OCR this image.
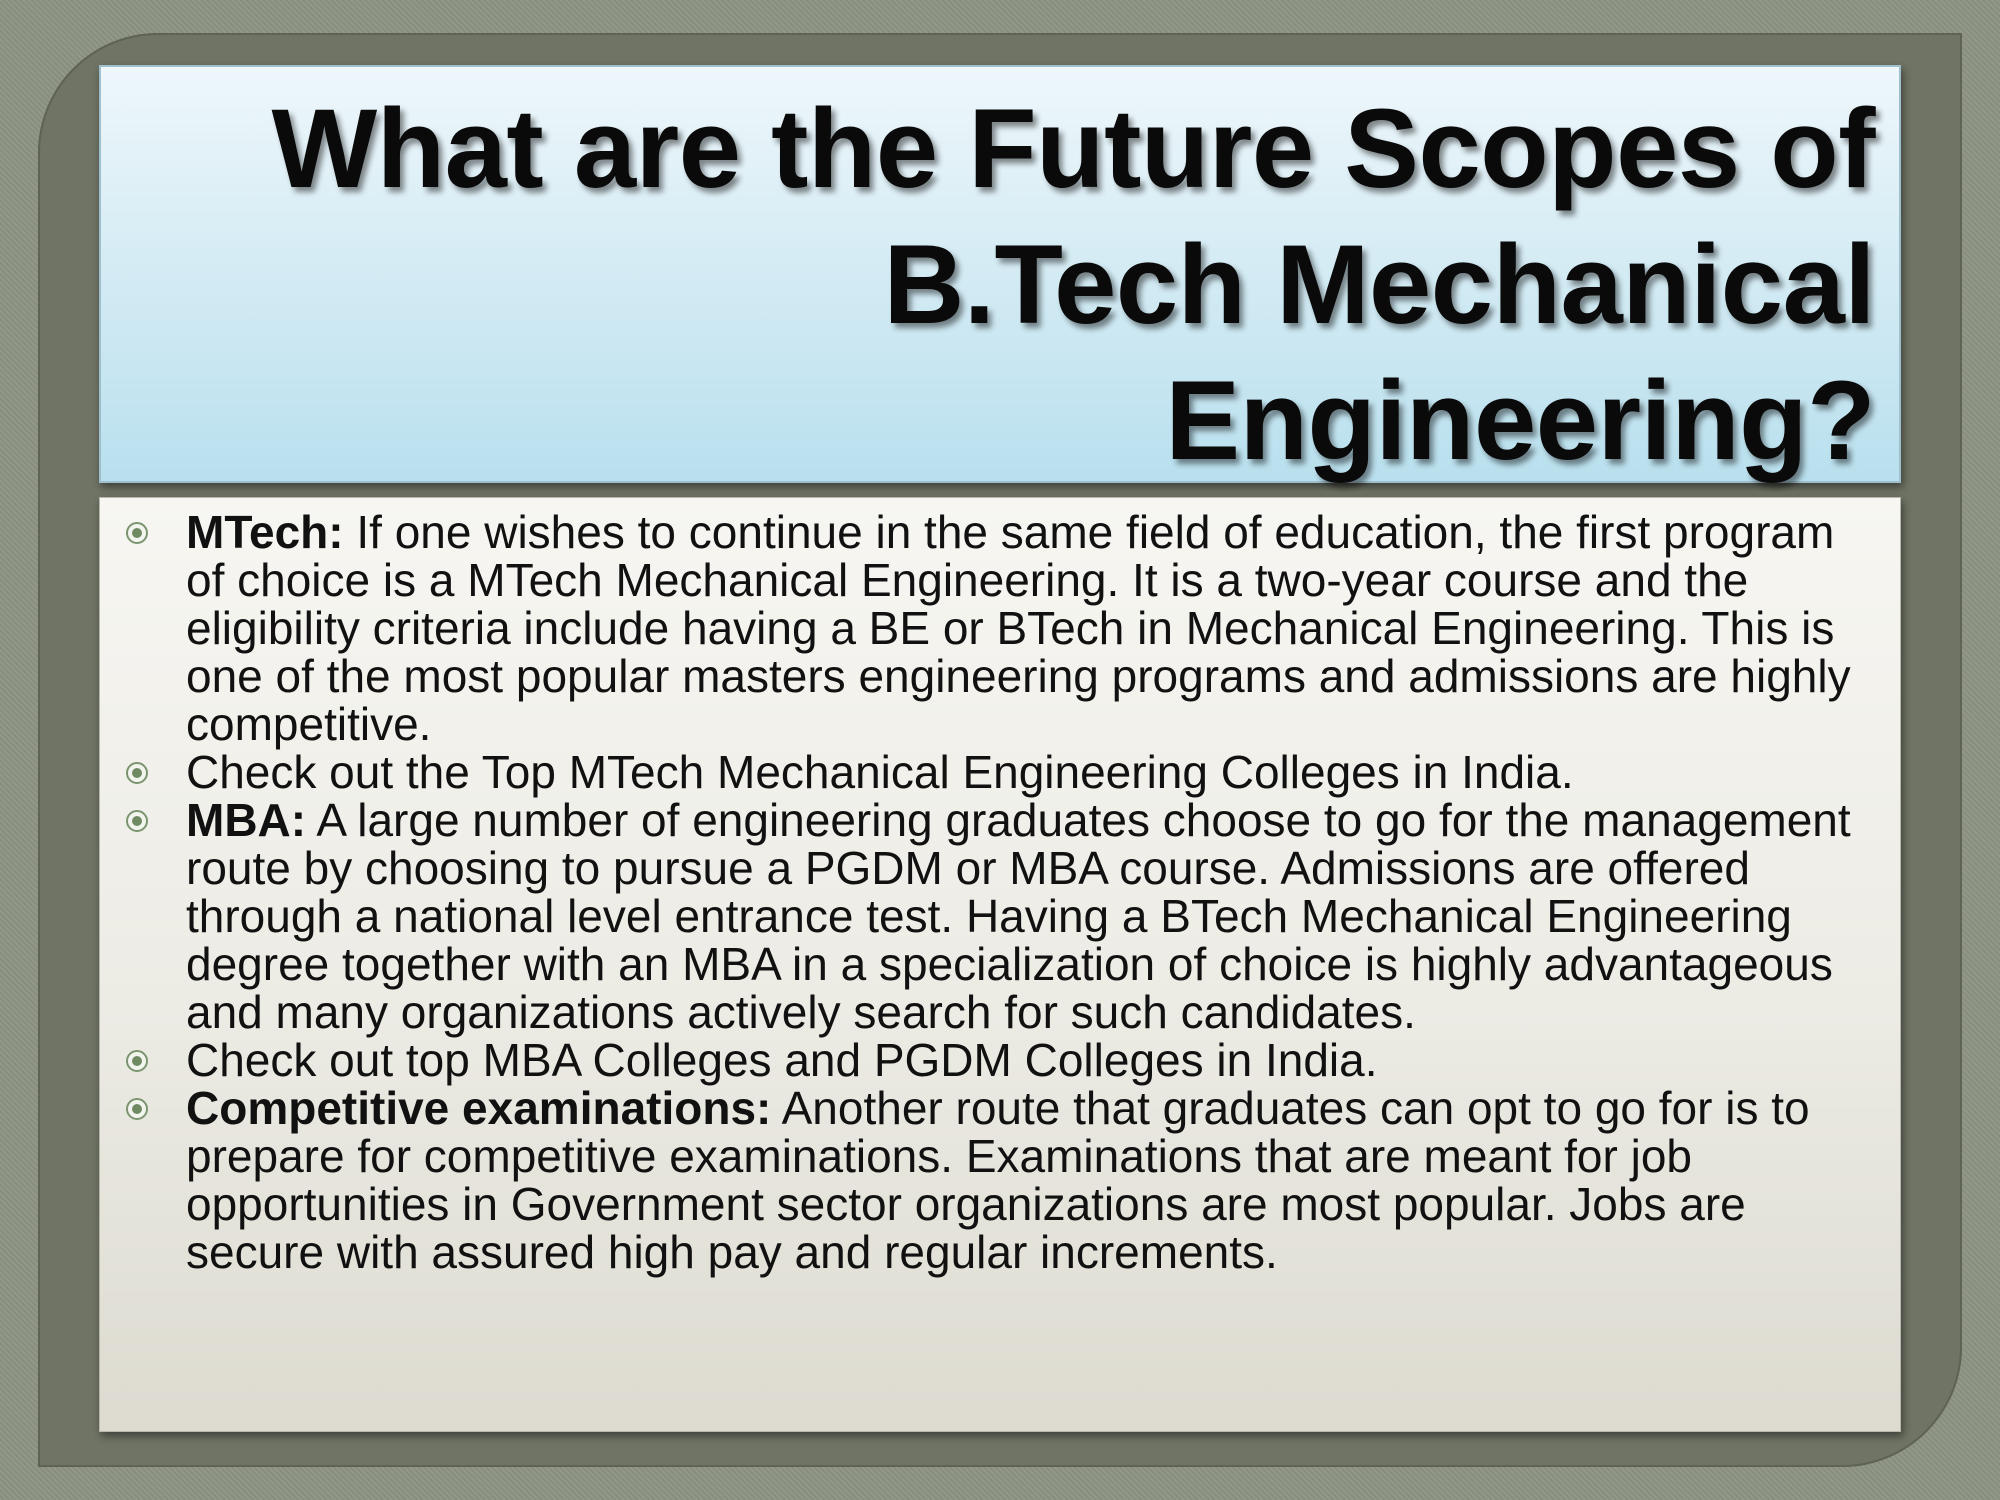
What are the Future Scopes of
B.Tech Mechanical
Engineering?
MTech: If one wishes to continue in the same field of education, the first program of choice is a MTech Mechanical Engineering. It is a two-year course and the eligibility criteria include having a BE or BTech in Mechanical Engineering. This is one of the most popular masters engineering programs and admissions are highly competitive.
Check out the Top MTech Mechanical Engineering Colleges in India.
MBA: A large number of engineering graduates choose to go for the management route by choosing to pursue a PGDM or MBA course. Admissions are offered through a national level entrance test. Having a BTech Mechanical Engineering degree together with an MBA in a specialization of choice is highly advantageous and many organizations actively search for such candidates.
Check out top MBA Colleges and PGDM Colleges in India.
Competitive examinations: Another route that graduates can opt to go for is to prepare for competitive examinations. Examinations that are meant for job opportunities in Government sector organizations are most popular. Jobs are secure with assured high pay and regular increments.
